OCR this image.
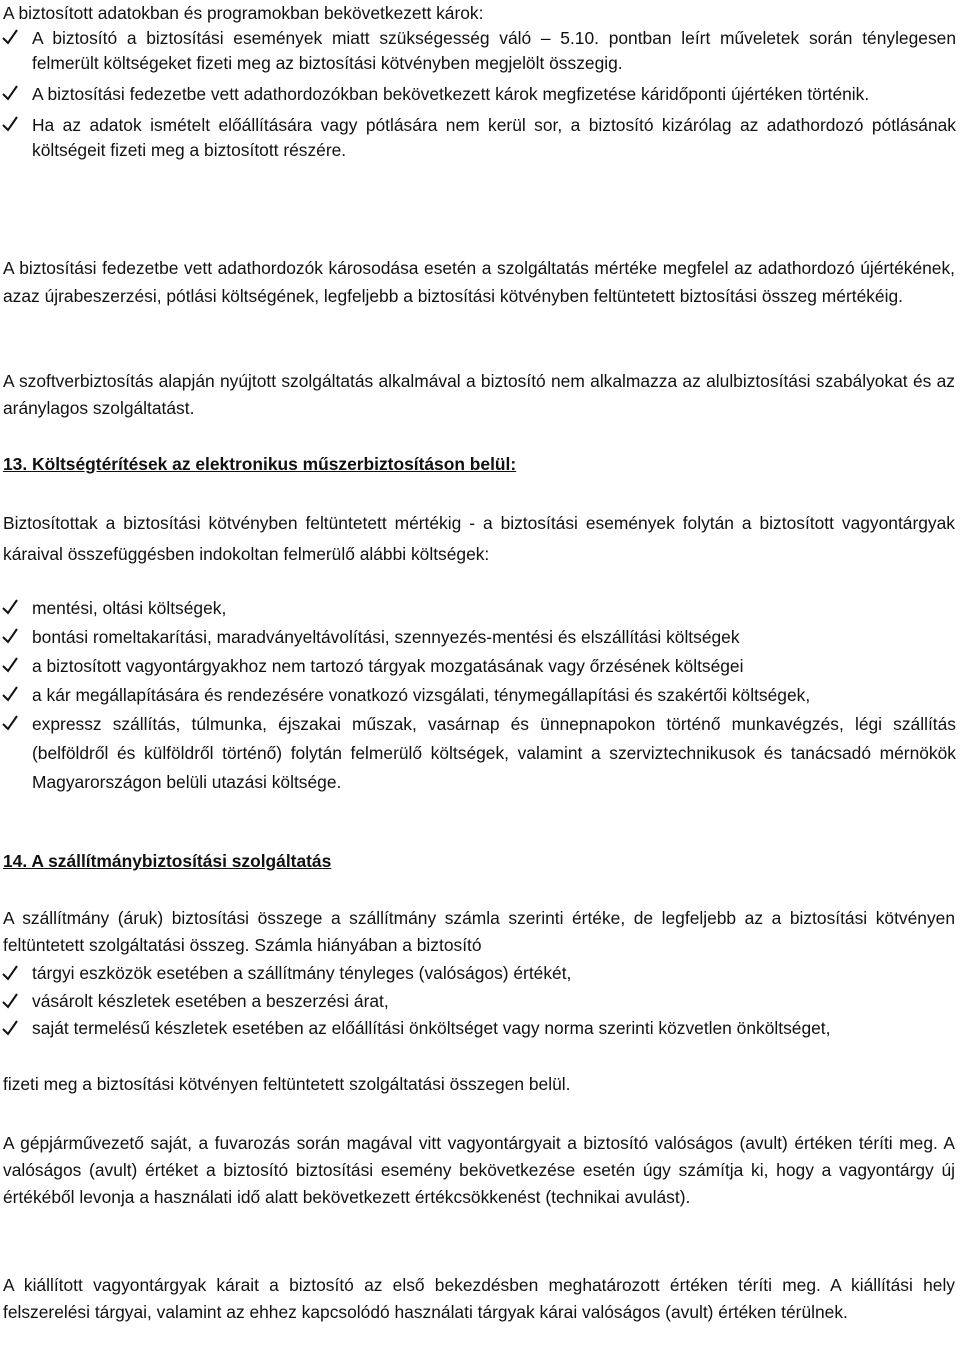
A biztosított adatokban és programokban bekövetkezett károk:

A biztosító a biztosítási események miatt szükségesség váló – 5.10. pontban leírt műveletek során ténylegesen felmerült költségeket fizeti meg az biztosítási kötvényben megjelölt összegig.
A biztosítási fedezetbe vett adathordozókban bekövetkezett károk megfizetése káridőponti újértéken történik.
Ha az adatok ismételt előállítására vagy pótlására nem kerül sor, a biztosító kizárólag az adathordozó pótlásának költségeit fizeti meg a biztosított részére.

A biztosítási fedezetbe vett adathordozók károsodása esetén a szolgáltatás mértéke megfelel az adathordozó újértékének, azaz újrabeszerzési, pótlási költségének, legfeljebb a biztosítási kötvényben feltüntetett biztosítási összeg mértékéig.

A szoftverbiztosítás alapján nyújtott szolgáltatás alkalmával a biztosító nem alkalmazza az alulbiztosítási szabályokat és az aránylagos szolgáltatást.

13. Költségtérítések az elektronikus műszerbiztosításon belül:

Biztosítottak a biztosítási kötvényben feltüntetett mértékig - a biztosítási események folytán a biztosított vagyontárgyak káraival összefüggésben indokoltan felmerülő alábbi költségek:

mentési, oltási költségek,
bontási romeltakarítási, maradványeltávolítási, szennyezés-mentési és elszállítási költségek
a biztosított vagyontárgyakhoz nem tartozó tárgyak mozgatásának vagy őrzésének költségei
a kár megállapítására és rendezésére vonatkozó vizsgálati, ténymegállapítási és szakértői költségek,
expressz szállítás, túlmunka, éjszakai műszak, vasárnap és ünnepnapokon történő munkavégzés, légi szállítás (belföldről és külföldről történő) folytán felmerülő költségek, valamint a szerviztechnikusok és tanácsadó mérnökök Magyarországon belüli utazási költsége.

14. A szállítmánybiztosítási szolgáltatás

A szállítmány (áruk) biztosítási összege a szállítmány számla szerinti értéke, de legfeljebb az a biztosítási kötvényen feltüntetett szolgáltatási összeg. Számla hiányában a biztosító

tárgyi eszközök esetében a szállítmány tényleges (valóságos) értékét,
vásárolt készletek esetében a beszerzési árat,
saját termelésű készletek esetében az előállítási önköltséget vagy norma szerinti közvetlen önköltséget,

fizeti meg a biztosítási kötvényen feltüntetett szolgáltatási összegen belül.

A gépjárművezető saját, a fuvarozás során magával vitt vagyontárgyait a biztosító valóságos (avult) értéken téríti meg. A valóságos (avult) értéket a biztosító biztosítási esemény bekövetkezése esetén úgy számítja ki, hogy a vagyontárgy új értékéből levonja a használati idő alatt bekövetkezett értékcsökkenést (technikai avulást).

A kiállított vagyontárgyak kárait a biztosító az első bekezdésben meghatározott értéken téríti meg. A kiállítási hely felszerelési tárgyai, valamint az ehhez kapcsolódó használati tárgyak kárai valóságos (avult) értéken térülnek.
